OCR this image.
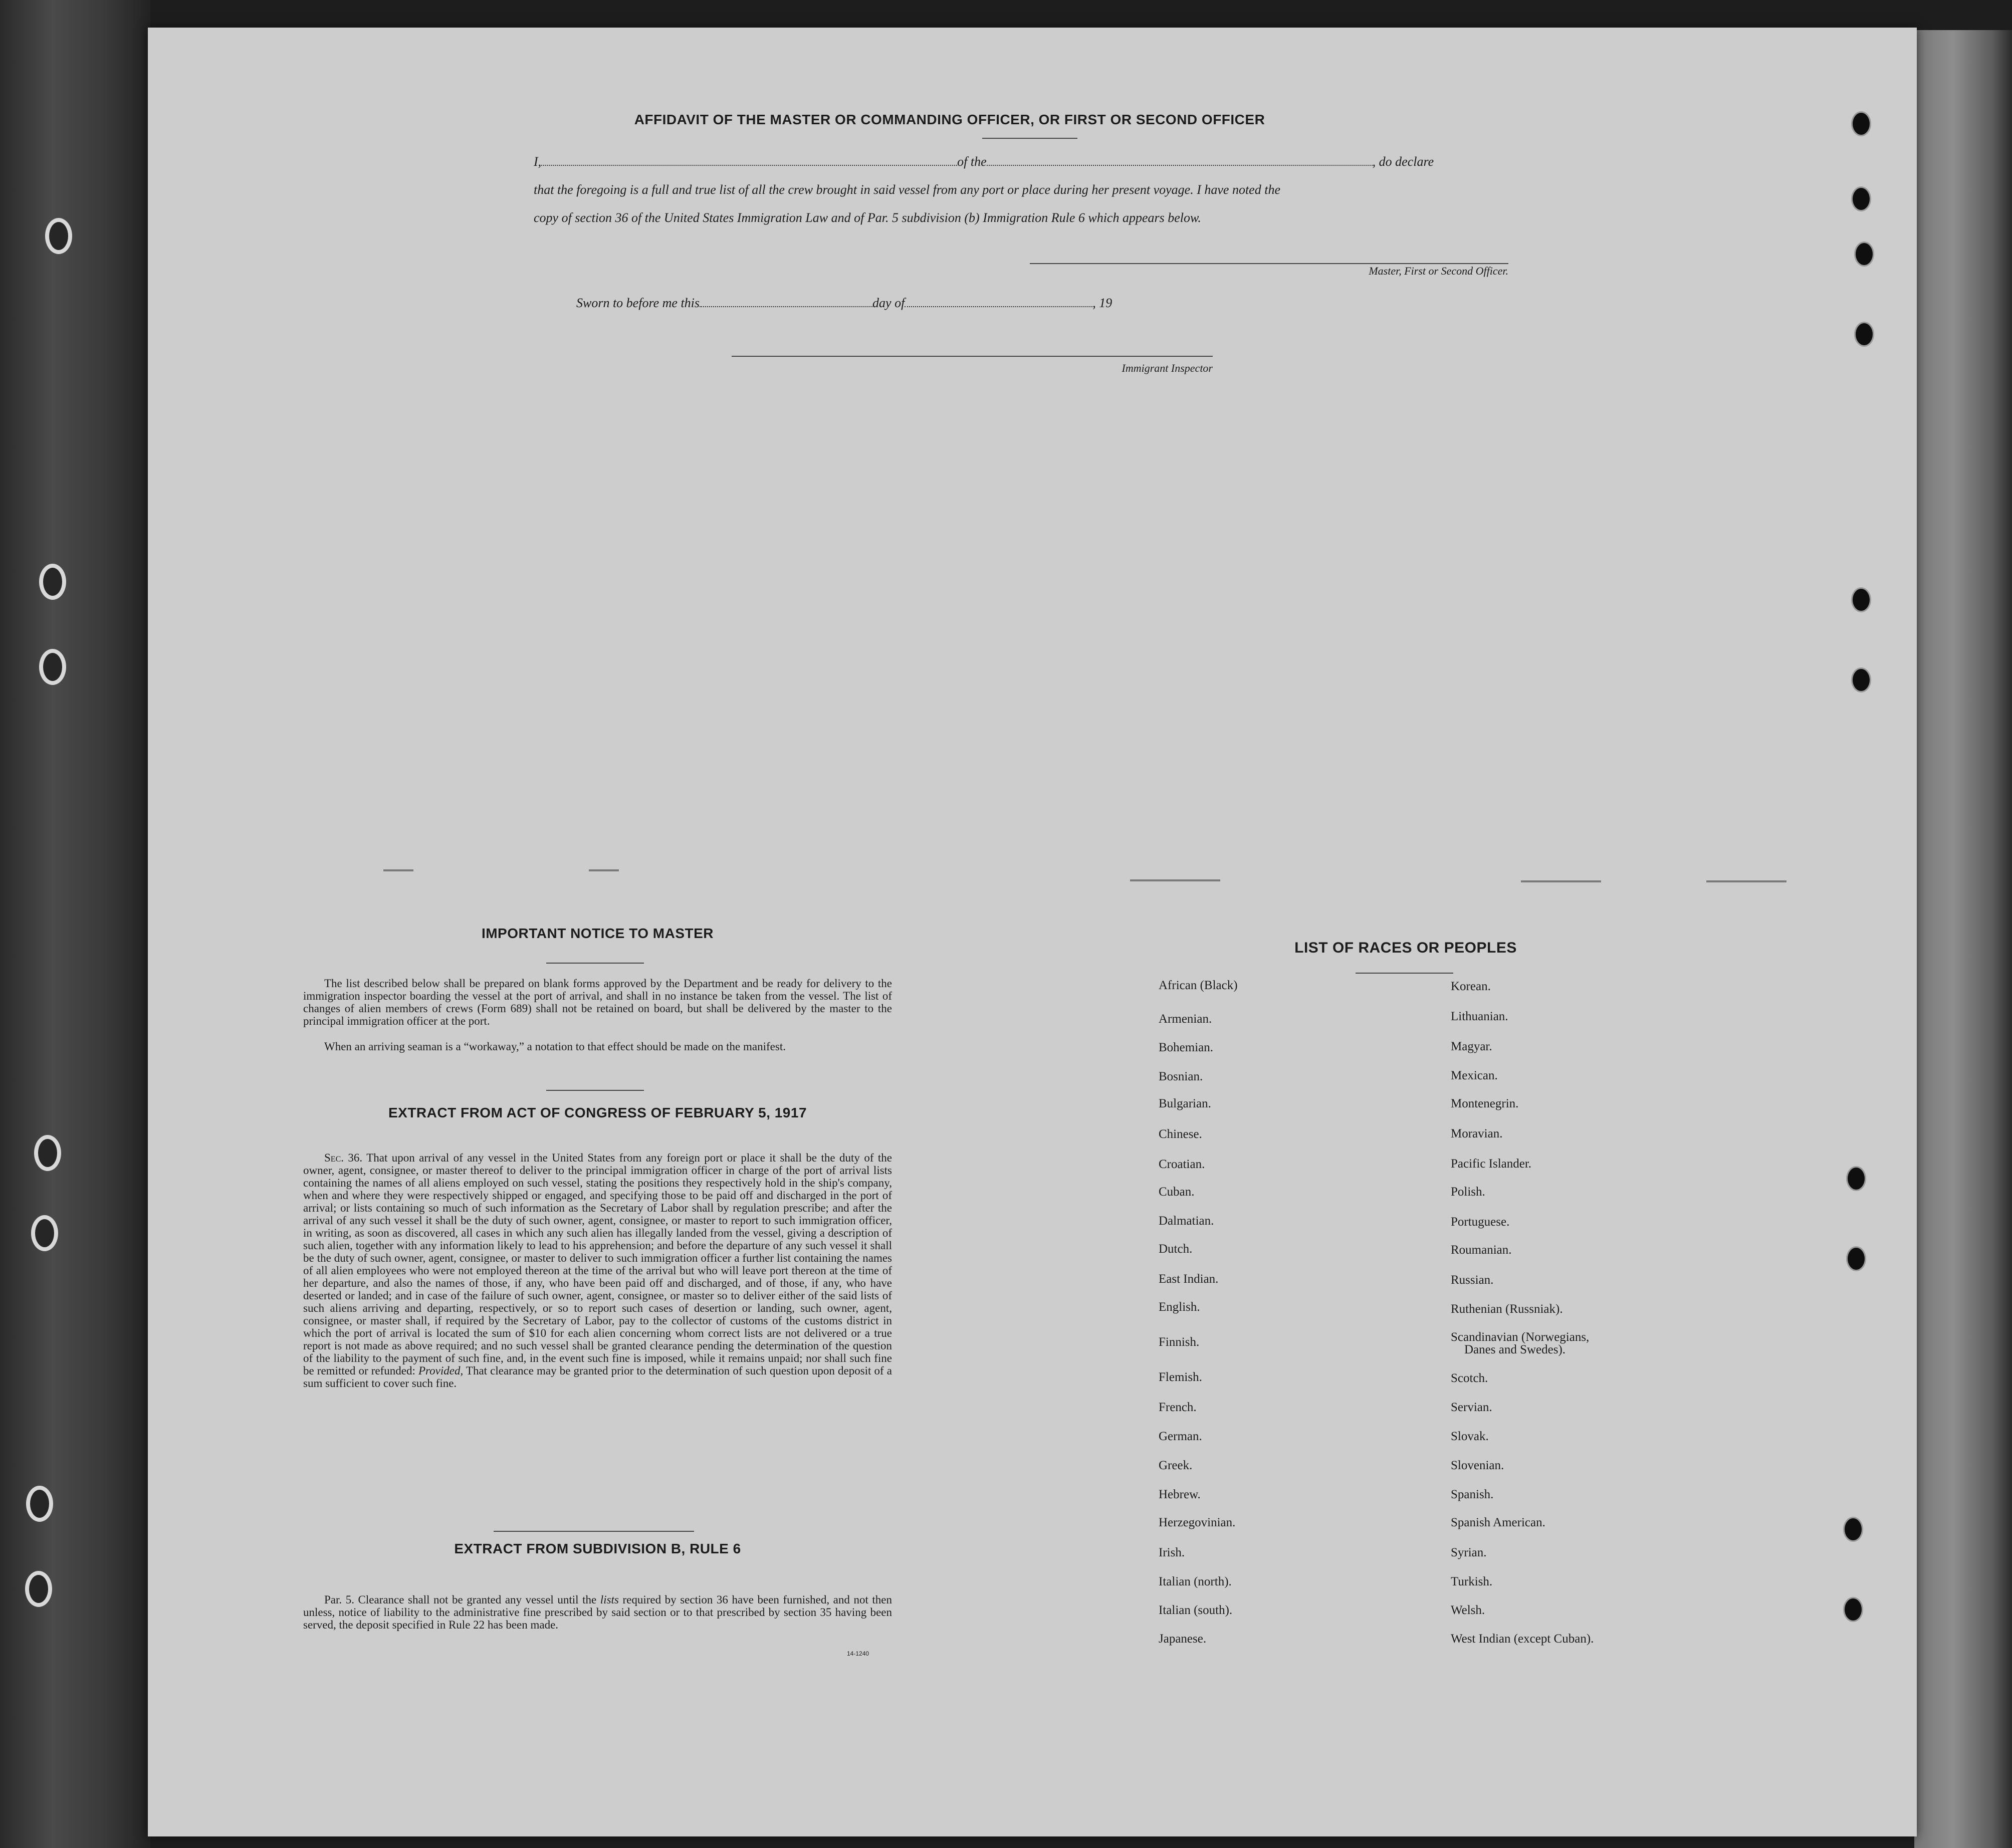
AFFIDAVIT OF THE MASTER OR COMMANDING OFFICER, OR FIRST OR SECOND OFFICER
I,	of the	, do declare
that the foregoing is a full and true list of all the crew brought in said vessel from any port or place during her present voyage. I have noted the
copy of section 36 of the United States Immigration Law and of Par. 5 subdivision (b) Immigration Rule 6 which appears below.
Master, First or Second Officer.
Sworn to before me this	day of	, 19
Immigrant Inspector
IMPORTANT NOTICE TO MASTER
The list described below shall be prepared on blank forms approved by the Department and be ready for delivery to the immigration inspector boarding the vessel at the port of arrival, and shall in no instance be taken from the vessel. The list of changes of alien members of crews (Form 689) shall not be retained on board, but shall be delivered by the master to the principal immigration officer at the port.
When an arriving seaman is a “workaway,” a notation to that effect should be made on the manifest.
EXTRACT FROM ACT OF CONGRESS OF FEBRUARY 5, 1917
Sec. 36. That upon arrival of any vessel in the United States from any foreign port or place it shall be the duty of the owner, agent, consignee, or master thereof to deliver to the principal immigration officer in charge of the port of arrival lists containing the names of all aliens employed on such vessel, stating the positions they respectively hold in the ship's company, when and where they were respectively shipped or engaged, and specifying those to be paid off and discharged in the port of arrival; or lists containing so much of such information as the Secretary of Labor shall by regulation prescribe; and after the arrival of any such vessel it shall be the duty of such owner, agent, consignee, or master to report to such immigration officer, in writing, as soon as discovered, all cases in which any such alien has illegally landed from the vessel, giving a description of such alien, together with any information likely to lead to his apprehension; and before the departure of any such vessel it shall be the duty of such owner, agent, consignee, or master to deliver to such immigration officer a further list containing the names of all alien employees who were not employed thereon at the time of the arrival but who will leave port thereon at the time of her departure, and also the names of those, if any, who have been paid off and discharged, and of those, if any, who have deserted or landed; and in case of the failure of such owner, agent, consignee, or master so to deliver either of the said lists of such aliens arriving and departing, respectively, or so to report such cases of desertion or landing, such owner, agent, consignee, or master shall, if required by the Secretary of Labor, pay to the collector of customs of the customs district in which the port of arrival is located the sum of $10 for each alien concerning whom correct lists are not delivered or a true report is not made as above required; and no such vessel shall be granted clearance pending the determination of the question of the liability to the payment of such fine, and, in the event such fine is imposed, while it remains unpaid; nor shall such fine be remitted or refunded: Provided, That clearance may be granted prior to the determination of such question upon deposit of a sum sufficient to cover such fine.
EXTRACT FROM SUBDIVISION B, RULE 6
Par. 5. Clearance shall not be granted any vessel until the lists required by section 36 have been furnished, and not then unless, notice of liability to the administrative fine prescribed by said section or to that prescribed by section 35 having been served, the deposit specified in Rule 22 has been made.
14-1240
LIST OF RACES OR PEOPLES
African (Black)
Armenian.
Bohemian.
Bosnian.
Bulgarian.
Chinese.
Croatian.
Cuban.
Dalmatian.
Dutch.
East Indian.
English.
Finnish.
Flemish.
French.
German.
Greek.
Hebrew.
Herzegovinian.
Irish.
Italian (north).
Italian (south).
Japanese.
Korean.
Lithuanian.
Magyar.
Mexican.
Montenegrin.
Moravian.
Pacific Islander.
Polish.
Portuguese.
Roumanian.
Russian.
Ruthenian (Russniak).
Scandinavian (Norwegians,
Danes and Swedes).
Scotch.
Servian.
Slovak.
Slovenian.
Spanish.
Spanish American.
Syrian.
Turkish.
Welsh.
West Indian (except Cuban).
